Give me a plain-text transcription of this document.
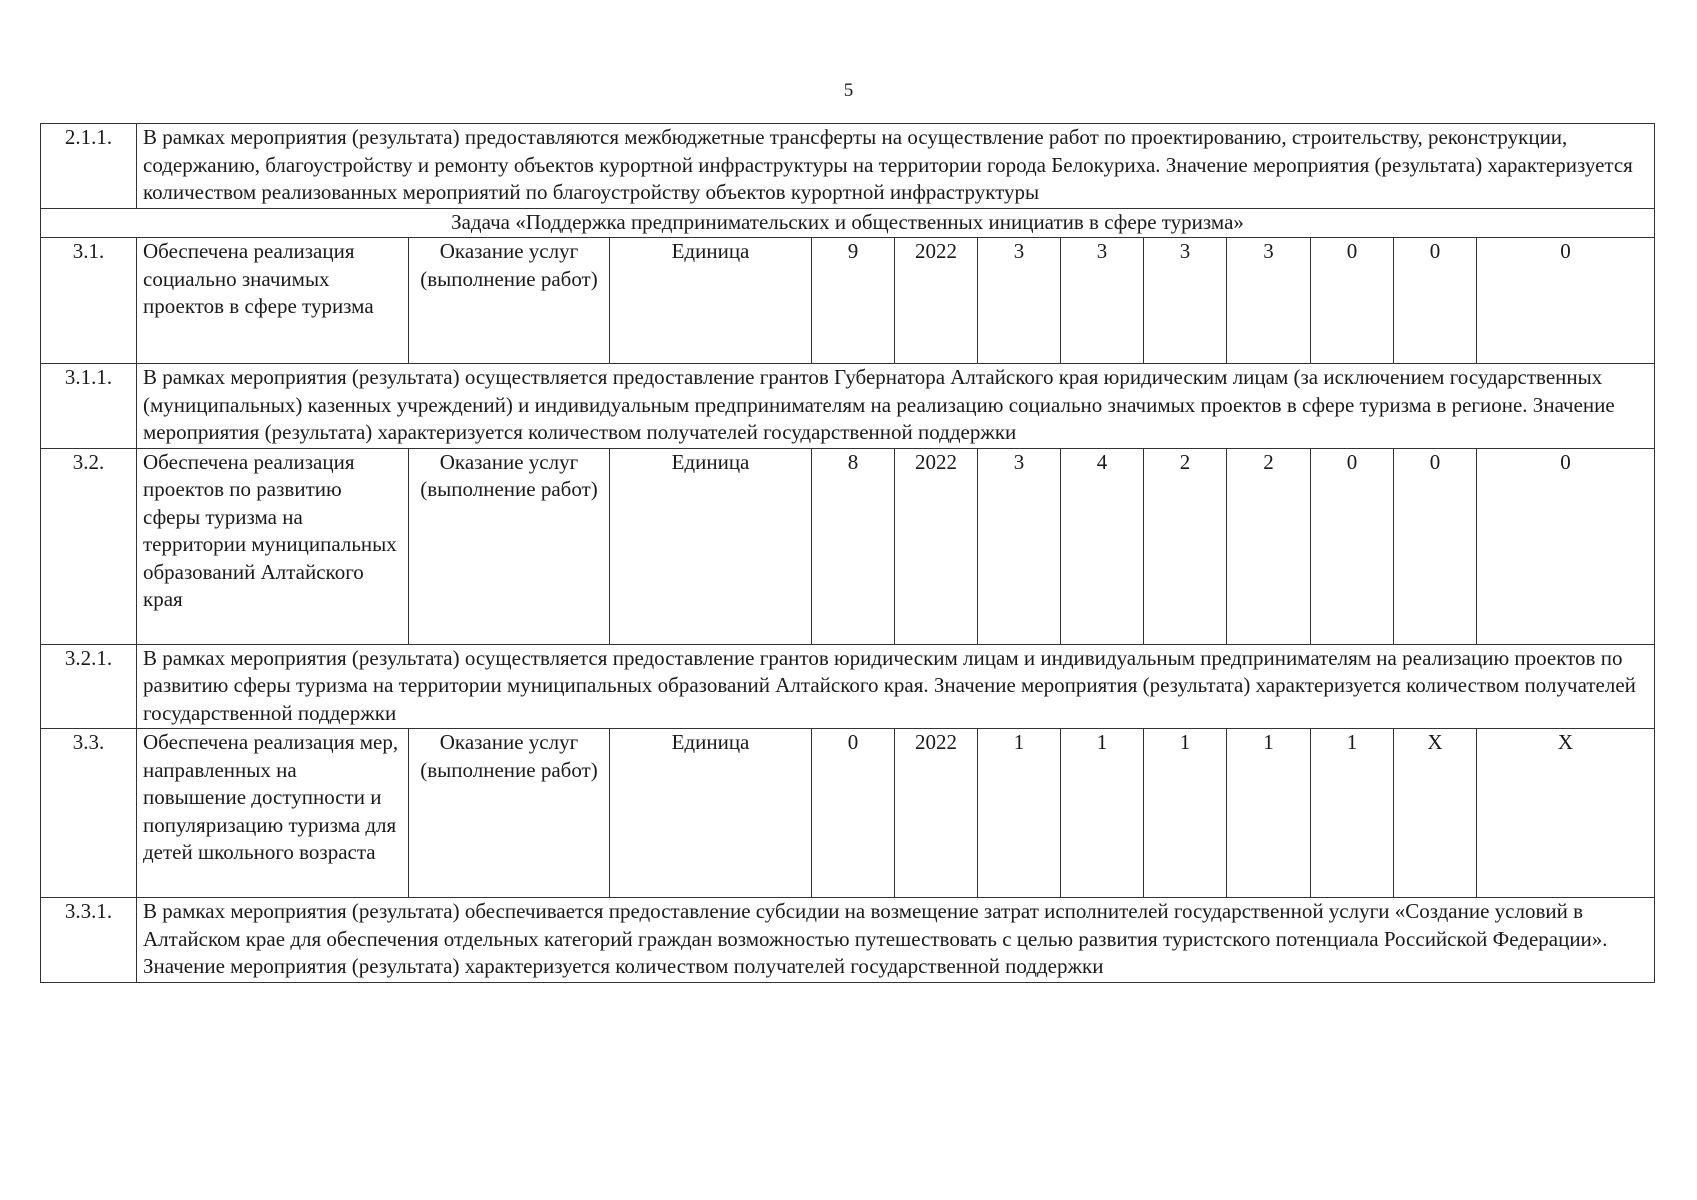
5
2.1.1.	В рамках мероприятия (результата) предоставляются межбюджетные трансферты на осуществление работ по проектированию, строительству, реконструкции, содержанию, благоустройству и ремонту объектов курортной инфраструктуры на территории города Белокуриха. Значение мероприятия (результата) характеризуется количеством реализованных мероприятий по благоустройству объектов курортной инфраструктуры											
Задача «Поддержка предпринимательских и общественных инициатив в сфере туризма»												
3.1.	Обеспечена реализация социально значимых проектов в сфере туризма	Оказание услуг (выполнение работ)	Единица	9	2022	3	3	3	3	0	0	0
3.1.1.	В рамках мероприятия (результата) осуществляется предоставление грантов Губернатора Алтайского края юридическим лицам (за исключением государственных (муниципальных) казенных учреждений) и индивидуальным предпринимателям на реализацию социально значимых проектов в сфере туризма в регионе. Значение мероприятия (результата) характеризуется количеством получателей государственной поддержки											
3.2.	Обеспечена реализация проектов по развитию сферы туризма на территории муниципальных образований Алтайского края	Оказание услуг (выполнение работ)	Единица	8	2022	3	4	2	2	0	0	0
3.2.1.	В рамках мероприятия (результата) осуществляется предоставление грантов юридическим лицам и индивидуальным предпринимателям на реализацию проектов по развитию сферы туризма на территории муниципальных образований Алтайского края. Значение мероприятия (результата) характеризуется количеством получателей государственной поддержки											
3.3.	Обеспечена реализация мер, направленных на повышение доступности и популяризацию туризма для детей школьного возраста	Оказание услуг (выполнение работ)	Единица	0	2022	1	1	1	1	1	X	X
3.3.1.	В рамках мероприятия (результата) обеспечивается предоставление субсидии на возмещение затрат исполнителей государственной услуги «Создание условий в Алтайском крае для обеспечения отдельных категорий граждан возможностью путешествовать с целью развития туристского потенциала Российской Федерации». Значение мероприятия (результата) характеризуется количеством получателей государственной поддержки											
